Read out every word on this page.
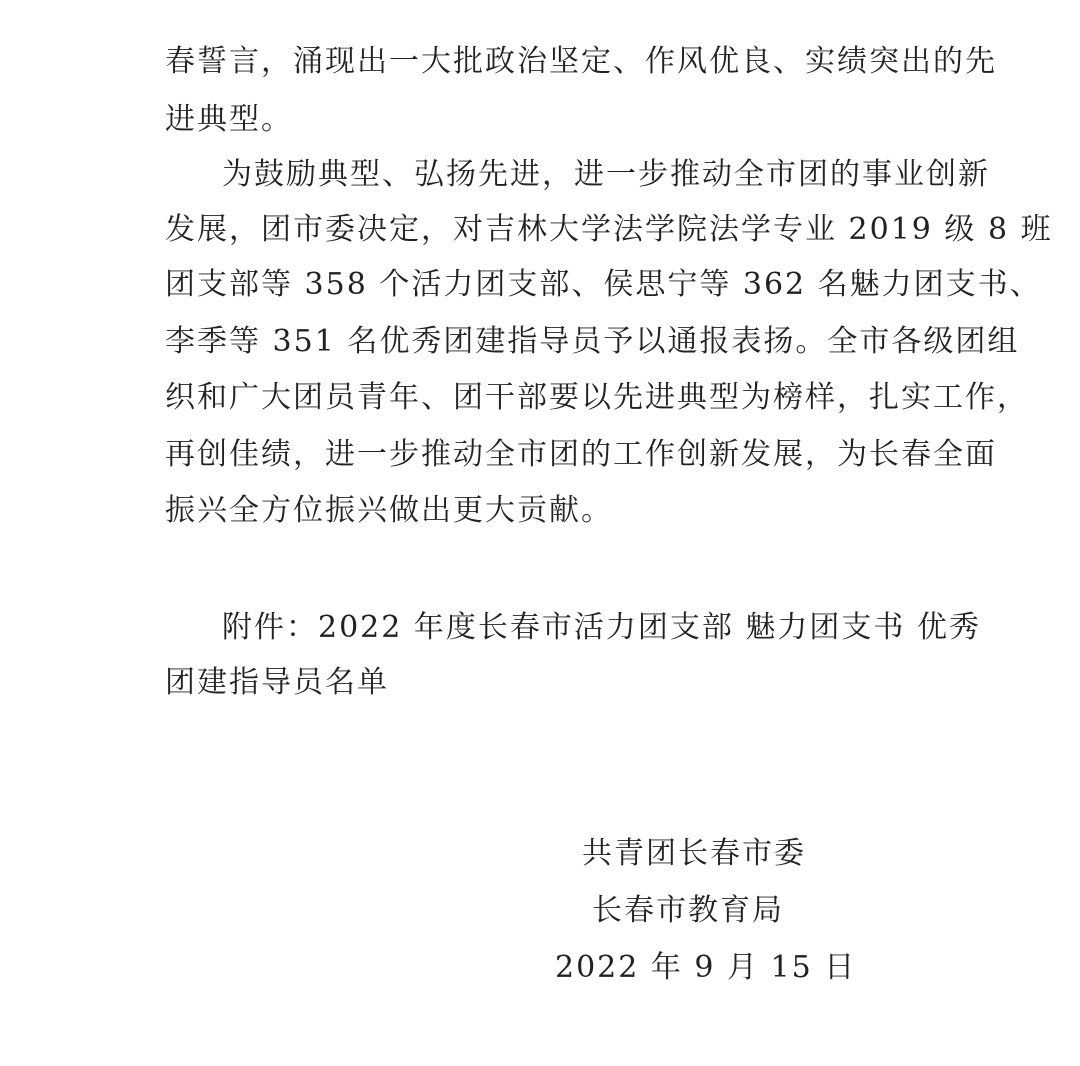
春誓言，涌现出一大批政治坚定、作风优良、实绩突出的先
进典型。
为鼓励典型、弘扬先进，进一步推动全市团的事业创新
发展，团市委决定，对吉林大学法学院法学专业 2019 级 8 班
团支部等 358 个活力团支部、侯思宁等 362 名魅力团支书、
李季等 351 名优秀团建指导员予以通报表扬。全市各级团组
织和广大团员青年、团干部要以先进典型为榜样，扎实工作，
再创佳绩，进一步推动全市团的工作创新发展，为长春全面
振兴全方位振兴做出更大贡献。
附件：2022 年度长春市活力团支部 魅力团支书 优秀
团建指导员名单
共青团长春市委
长春市教育局
2022 年 9 月 15 日
